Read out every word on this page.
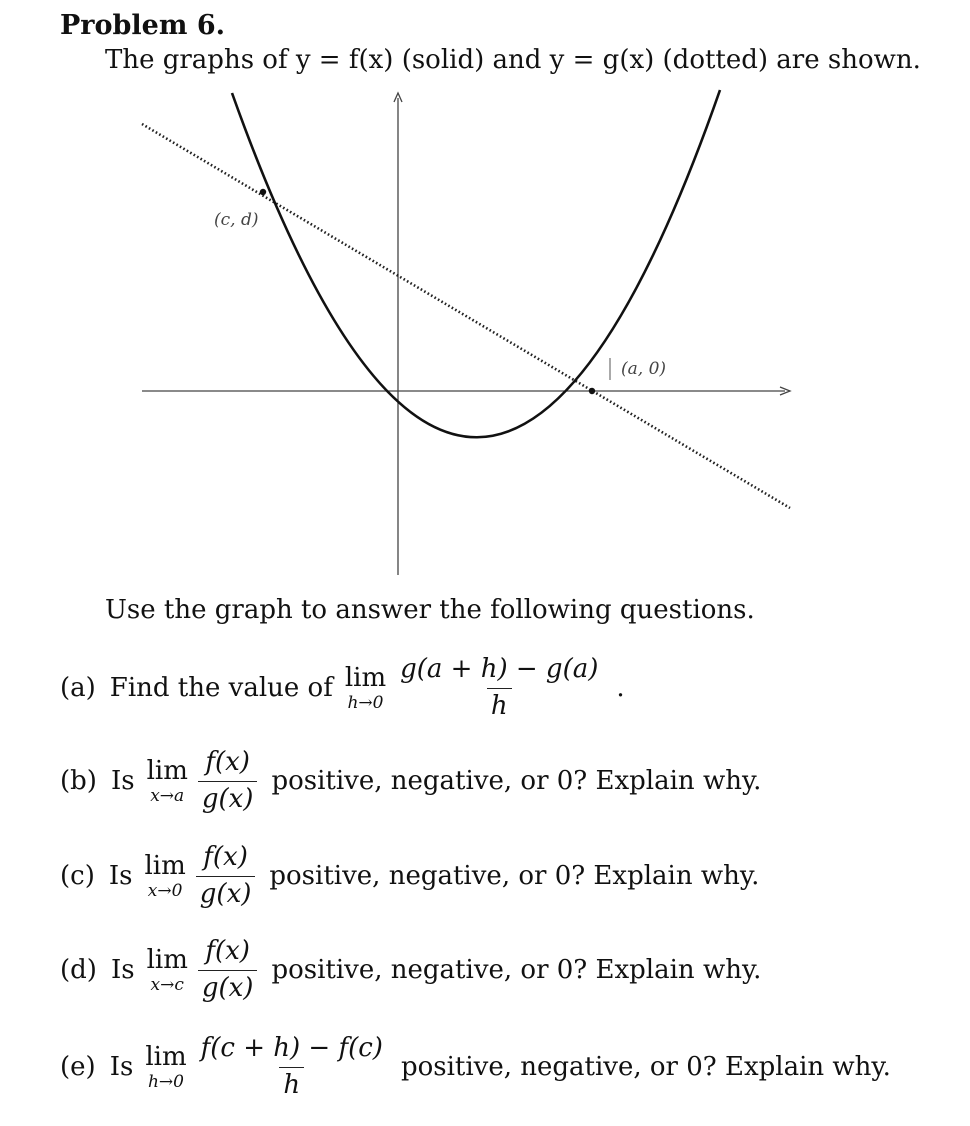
Problem 6.
The graphs of y = f(x) (solid) and y = g(x) (dotted) are shown.
(c, d)
(a, 0)
Use the graph to answer the following questions.
(a) Find the value of lim
$h\to 0 \frac{g(a + h) - g(a)}{h}$ .
(b) Is lim
$x\to a \frac{f(x)}{g(x)}$ positive, negative, or 0? Explain why.
(c) Is lim
$x\to 0 \frac{f(x)}{g(x)}$ positive, negative, or 0? Explain why.
(d) Is lim
$x\to c \frac{f(x)}{g(x)}$ positive, negative, or 0? Explain why.
(e) Is lim
$h\to 0 \frac{f(c + h) - f(c)}{h}$ positive, negative, or 0? Explain why.
